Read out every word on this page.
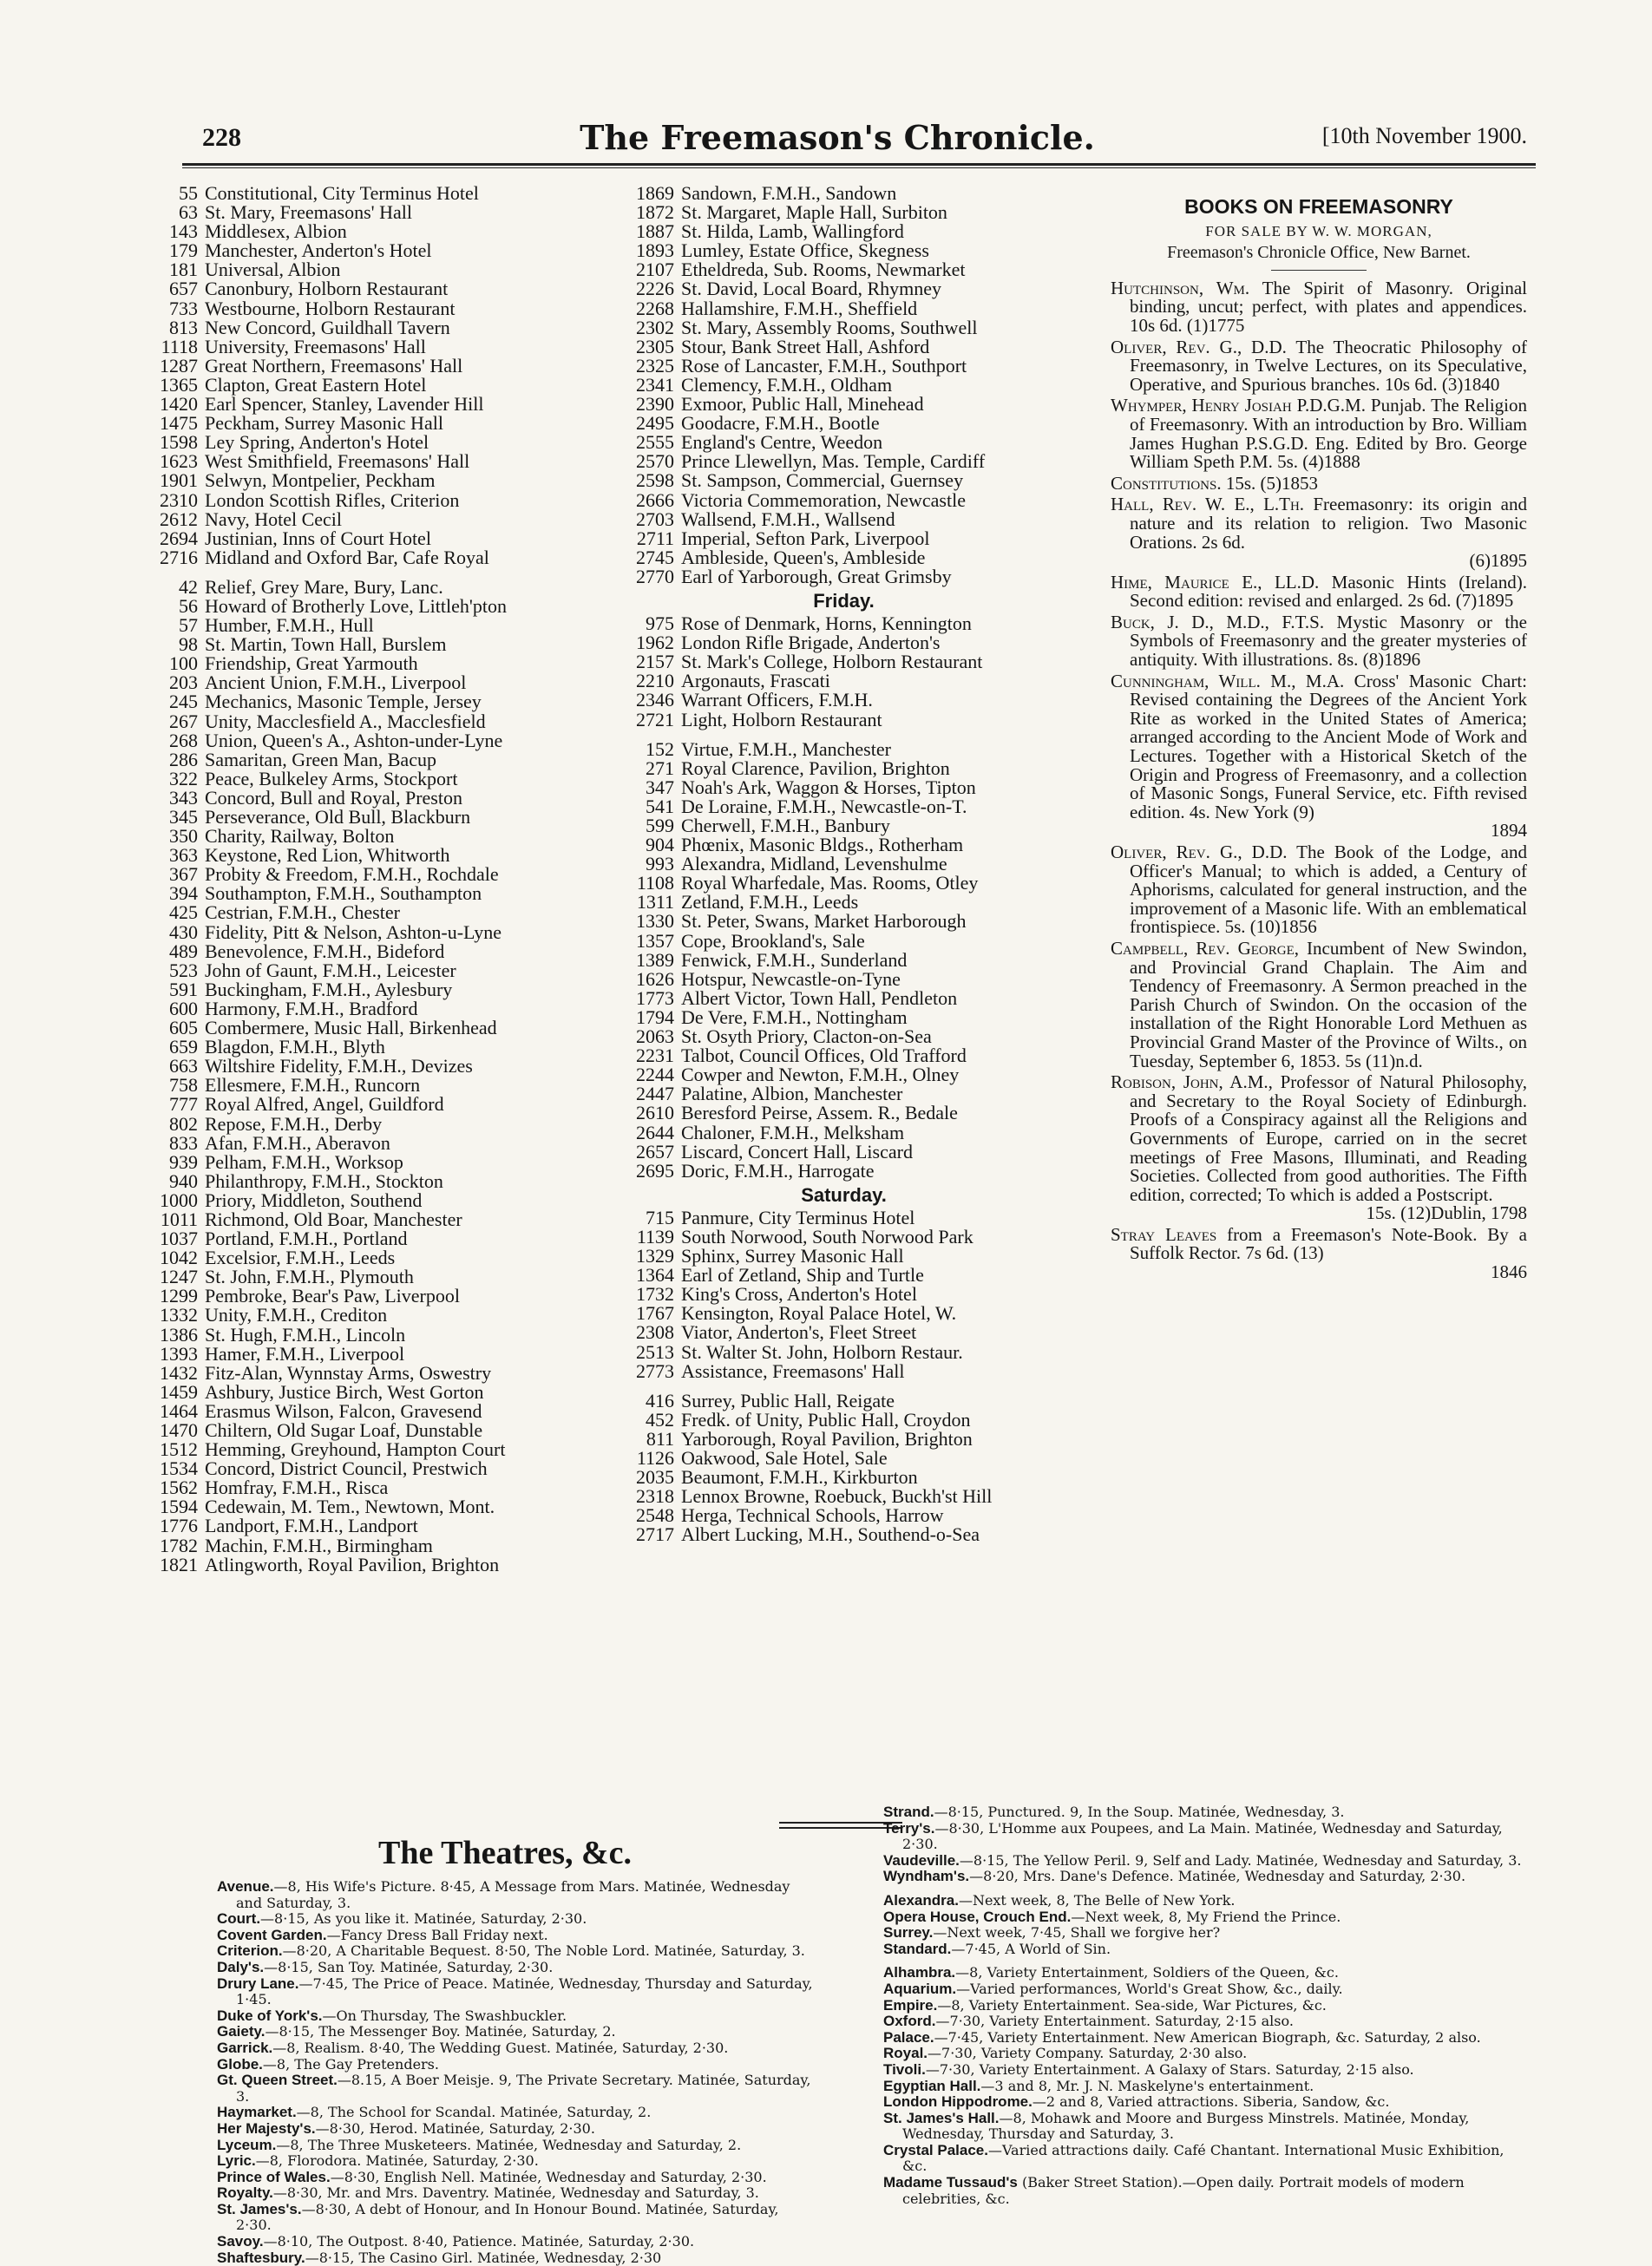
228	The Freemason's Chronicle.	[10th November 1900.
55 Constitutional, City Terminus Hotel
63 St. Mary, Freemasons' Hall
143 Middlesex, Albion
179 Manchester, Anderton's Hotel
181 Universal, Albion
657 Canonbury, Holborn Restaurant
733 Westbourne, Holborn Restaurant
813 New Concord, Guildhall Tavern
1118 University, Freemasons' Hall
1287 Great Northern, Freemasons' Hall
1365 Clapton, Great Eastern Hotel
1420 Earl Spencer, Stanley, Lavender Hill
1475 Peckham, Surrey Masonic Hall
1598 Ley Spring, Anderton's Hotel
1623 West Smithfield, Freemasons' Hall
1901 Selwyn, Montpelier, Peckham
2310 London Scottish Rifles, Criterion
2612 Navy, Hotel Cecil
2694 Justinian, Inns of Court Hotel
2716 Midland and Oxford Bar, Cafe Royal
42 Relief, Grey Mare, Bury, Lanc.
56 Howard of Brotherly Love, Littleh'pton
57 Humber, F.M.H., Hull
98 St. Martin, Town Hall, Burslem
100 Friendship, Great Yarmouth
203 Ancient Union, F.M.H., Liverpool
245 Mechanics, Masonic Temple, Jersey
267 Unity, Macclesfield A., Macclesfield
268 Union, Queen's A., Ashton-under-Lyne
286 Samaritan, Green Man, Bacup
322 Peace, Bulkeley Arms, Stockport
343 Concord, Bull and Royal, Preston
345 Perseverance, Old Bull, Blackburn
350 Charity, Railway, Bolton
363 Keystone, Red Lion, Whitworth
367 Probity & Freedom, F.M.H., Rochdale
394 Southampton, F.M.H., Southampton
425 Cestrian, F.M.H., Chester
430 Fidelity, Pitt & Nelson, Ashton-u-Lyne
489 Benevolence, F.M.H., Bideford
523 John of Gaunt, F.M.H., Leicester
591 Buckingham, F.M.H., Aylesbury
600 Harmony, F.M.H., Bradford
605 Combermere, Music Hall, Birkenhead
659 Blagdon, F.M.H., Blyth
663 Wiltshire Fidelity, F.M.H., Devizes
758 Ellesmere, F.M.H., Runcorn
777 Royal Alfred, Angel, Guildford
802 Repose, F.M.H., Derby
833 Afan, F.M.H., Aberavon
939 Pelham, F.M.H., Worksop
940 Philanthropy, F.M.H., Stockton
1000 Priory, Middleton, Southend
1011 Richmond, Old Boar, Manchester
1037 Portland, F.M.H., Portland
1042 Excelsior, F.M.H., Leeds
1247 St. John, F.M.H., Plymouth
1299 Pembroke, Bear's Paw, Liverpool
1332 Unity, F.M.H., Crediton
1386 St. Hugh, F.M.H., Lincoln
1393 Hamer, F.M.H., Liverpool
1432 Fitz-Alan, Wynnstay Arms, Oswestry
1459 Ashbury, Justice Birch, West Gorton
1464 Erasmus Wilson, Falcon, Gravesend
1470 Chiltern, Old Sugar Loaf, Dunstable
1512 Hemming, Greyhound, Hampton Court
1534 Concord, District Council, Prestwich
1562 Homfray, F.M.H., Risca
1594 Cedewain, M. Tem., Newtown, Mont.
1776 Landport, F.M.H., Landport
1782 Machin, F.M.H., Birmingham
1821 Atlingworth, Royal Pavilion, Brighton
1869 Sandown, F.M.H., Sandown
1872 St. Margaret, Maple Hall, Surbiton
1887 St. Hilda, Lamb, Wallingford
1893 Lumley, Estate Office, Skegness
2107 Etheldreda, Sub. Rooms, Newmarket
2226 St. David, Local Board, Rhymney
2268 Hallamshire, F.M.H., Sheffield
2302 St. Mary, Assembly Rooms, Southwell
2305 Stour, Bank Street Hall, Ashford
2325 Rose of Lancaster, F.M.H., Southport
2341 Clemency, F.M.H., Oldham
2390 Exmoor, Public Hall, Minehead
2495 Goodacre, F.M.H., Bootle
2555 England's Centre, Weedon
2570 Prince Llewellyn, Mas. Temple, Cardiff
2598 St. Sampson, Commercial, Guernsey
2666 Victoria Commemoration, Newcastle
2703 Wallsend, F.M.H., Wallsend
2711 Imperial, Sefton Park, Liverpool
2745 Ambleside, Queen's, Ambleside
2770 Earl of Yarborough, Great Grimsby
Friday.
975 Rose of Denmark, Horns, Kennington
1962 London Rifle Brigade, Anderton's
2157 St. Mark's College, Holborn Restaurant
2210 Argonauts, Frascati
2346 Warrant Officers, F.M.H.
2721 Light, Holborn Restaurant
152 Virtue, F.M.H., Manchester
271 Royal Clarence, Pavilion, Brighton
347 Noah's Ark, Waggon & Horses, Tipton
541 De Loraine, F.M.H., Newcastle-on-T.
599 Cherwell, F.M.H., Banbury
904 Phœnix, Masonic Bldgs., Rotherham
993 Alexandra, Midland, Levenshulme
1108 Royal Wharfedale, Mas. Rooms, Otley
1311 Zetland, F.M.H., Leeds
1330 St. Peter, Swans, Market Harborough
1357 Cope, Brookland's, Sale
1389 Fenwick, F.M.H., Sunderland
1626 Hotspur, Newcastle-on-Tyne
1773 Albert Victor, Town Hall, Pendleton
1794 De Vere, F.M.H., Nottingham
2063 St. Osyth Priory, Clacton-on-Sea
2231 Talbot, Council Offices, Old Trafford
2244 Cowper and Newton, F.M.H., Olney
2447 Palatine, Albion, Manchester
2610 Beresford Peirse, Assem. R., Bedale
2644 Chaloner, F.M.H., Melksham
2657 Liscard, Concert Hall, Liscard
2695 Doric, F.M.H., Harrogate
Saturday.
715 Panmure, City Terminus Hotel
1139 South Norwood, South Norwood Park
1329 Sphinx, Surrey Masonic Hall
1364 Earl of Zetland, Ship and Turtle
1732 King's Cross, Anderton's Hotel
1767 Kensington, Royal Palace Hotel, W.
2308 Viator, Anderton's, Fleet Street
2513 St. Walter St. John, Holborn Restaur.
2773 Assistance, Freemasons' Hall
416 Surrey, Public Hall, Reigate
452 Fredk. of Unity, Public Hall, Croydon
811 Yarborough, Royal Pavilion, Brighton
1126 Oakwood, Sale Hotel, Sale
2035 Beaumont, F.M.H., Kirkburton
2318 Lennox Browne, Roebuck, Buckh'st Hill
2548 Herga, Technical Schools, Harrow
2717 Albert Lucking, M.H., Southend-o-Sea
BOOKS ON FREEMASONRY
FOR SALE BY W. W. MORGAN,
Freemason's Chronicle Office, New Barnet.
Hutchinson, Wm. The Spirit of Masonry. Original binding, uncut; perfect, with plates and appendices. 10s 6d. (1)1775
Oliver, Rev. G., D.D. The Theocratic Philosophy of Freemasonry, in Twelve Lectures, on its Speculative, Operative, and Spurious branches. 10s 6d. (3)1840
Whymper, Henry Josiah P.D.G.M. Punjab. The Religion of Freemasonry. With an introduction by Bro. William James Hughan P.S.G.D. Eng. Edited by Bro. George William Speth P.M. 5s. (4)1888
Constitutions. 15s. (5)1853
Hall, Rev. W. E., L.Th. Freemasonry: its origin and nature and its relation to religion. Two Masonic Orations. 2s 6d.
(6)1895
Hime, Maurice E., LL.D. Masonic Hints (Ireland). Second edition: revised and enlarged. 2s 6d. (7)1895
Buck, J. D., M.D., F.T.S. Mystic Masonry or the Symbols of Freemasonry and the greater mysteries of antiquity. With illustrations. 8s. (8)1896
Cunningham, Will. M., M.A. Cross' Masonic Chart: Revised containing the Degrees of the Ancient York Rite as worked in the United States of America; arranged according to the Ancient Mode of Work and Lectures. Together with a Historical Sketch of the Origin and Progress of Freemasonry, and a collection of Masonic Songs, Funeral Service, etc. Fifth revised edition. 4s. New York (9)
1894
Oliver, Rev. G., D.D. The Book of the Lodge, and Officer's Manual; to which is added, a Century of Aphorisms, calculated for general instruction, and the improvement of a Masonic life. With an emblematical frontispiece. 5s. (10)1856
Campbell, Rev. George, Incumbent of New Swindon, and Provincial Grand Chaplain. The Aim and Tendency of Freemasonry. A Sermon preached in the Parish Church of Swindon. On the occasion of the installation of the Right Honorable Lord Methuen as Provincial Grand Master of the Province of Wilts., on Tuesday, September 6, 1853. 5s (11)n.d.
Robison, John, A.M., Professor of Natural Philosophy, and Secretary to the Royal Society of Edinburgh. Proofs of a Conspiracy against all the Religions and Governments of Europe, carried on in the secret meetings of Free Masons, Illuminati, and Reading Societies. Collected from good authorities. The Fifth edition, corrected; To which is added a Postscript.
15s. (12)Dublin, 1798
Stray Leaves from a Freemason's Note-Book. By a Suffolk Rector. 7s 6d. (13)
1846
The Theatres, &c.

Avenue.—8, His Wife's Picture. 8·45, A Message from Mars. Matinée, Wednesday and Saturday, 3.

Court.—8·15, As you like it. Matinée, Saturday, 2·30.

Covent Garden.—Fancy Dress Ball Friday next.

Criterion.—8·20, A Charitable Bequest. 8·50, The Noble Lord. Matinée, Saturday, 3.

Daly's.—8·15, San Toy. Matinée, Saturday, 2·30.

Drury Lane.—7·45, The Price of Peace. Matinée, Wednesday, Thursday and Saturday, 1·45.

Duke of York's.—On Thursday, The Swashbuckler.

Gaiety.—8·15, The Messenger Boy. Matinée, Saturday, 2.

Garrick.—8, Realism. 8·40, The Wedding Guest. Matinée, Saturday, 2·30.

Globe.—8, The Gay Pretenders.

Gt. Queen Street.—8.15, A Boer Meisje. 9, The Private Secretary. Matinée, Saturday, 3.

Haymarket.—8, The School for Scandal. Matinée, Saturday, 2.

Her Majesty's.—8·30, Herod. Matinée, Saturday, 2·30.

Lyceum.—8, The Three Musketeers. Matinée, Wednesday and Saturday, 2.

Lyric.—8, Florodora. Matinée, Saturday, 2·30.

Prince of Wales.—8·30, English Nell. Matinée, Wednesday and Saturday, 2·30.

Royalty.—8·30, Mr. and Mrs. Daventry. Matinée, Wednesday and Saturday, 3.

St. James's.—8·30, A debt of Honour, and In Honour Bound. Matinée, Saturday, 2·30.

Savoy.—8·10, The Outpost. 8·40, Patience. Matinée, Saturday, 2·30.

Shaftesbury.—8·15, The Casino Girl. Matinée, Wednesday, 2·30

Strand.—8·15, Punctured. 9, In the Soup. Matinée, Wednesday, 3.

Terry's.—8·30, L'Homme aux Poupees, and La Main. Matinée, Wednesday and Saturday, 2·30.

Vaudeville.—8·15, The Yellow Peril. 9, Self and Lady. Matinée, Wednesday and Saturday, 3.

Wyndham's.—8·20, Mrs. Dane's Defence. Matinée, Wednesday and Saturday, 2·30.

Alexandra.—Next week, 8, The Belle of New York.

Opera House, Crouch End.—Next week, 8, My Friend the Prince.

Surrey.—Next week, 7·45, Shall we forgive her?

Standard.—7·45, A World of Sin.

Alhambra.—8, Variety Entertainment, Soldiers of the Queen, &c.

Aquarium.—Varied performances, World's Great Show, &c., daily.

Empire.—8, Variety Entertainment. Sea-side, War Pictures, &c.

Oxford.—7·30, Variety Entertainment. Saturday, 2·15 also.

Palace.—7·45, Variety Entertainment. New American Biograph, &c. Saturday, 2 also.

Royal.—7·30, Variety Company. Saturday, 2·30 also.

Tivoli.—7·30, Variety Entertainment. A Galaxy of Stars. Saturday, 2·15 also.

Egyptian Hall.—3 and 8, Mr. J. N. Maskelyne's entertainment.

London Hippodrome.—2 and 8, Varied attractions. Siberia, Sandow, &c.

St. James's Hall.—8, Mohawk and Moore and Burgess Minstrels. Matinée, Monday, Wednesday, Thursday and Saturday, 3.

Crystal Palace.—Varied attractions daily. Café Chantant. International Music Exhibition, &c.

Madame Tussaud's (Baker Street Station).—Open daily. Portrait models of modern celebrities, &c.
